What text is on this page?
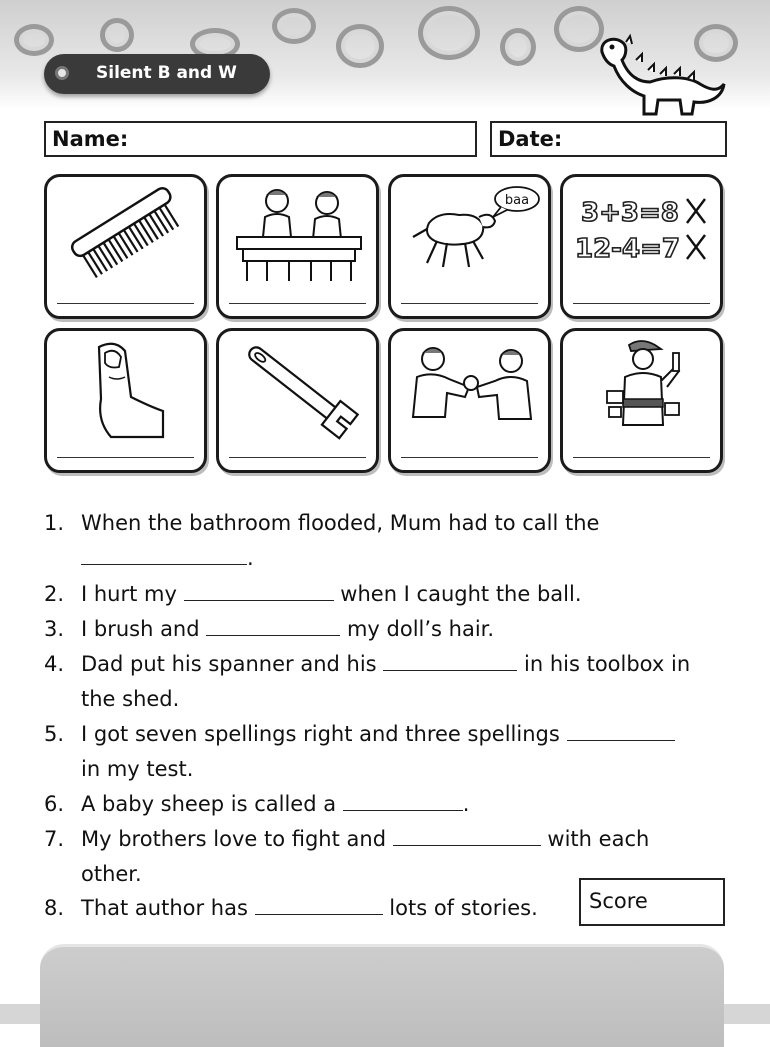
Silent B and W
Name:	Date:
baa 3+3=8
12-4=7
1. When the bathroom flooded, Mum had to call the
.
2. I hurt my	when I caught the ball.
3. I brush and	my doll’s hair.
4. Dad put his spanner and his	in his toolbox in
the shed.
5. I got seven spellings right and three spellings
in my test.
6. A baby sheep is called a	.
7. My brothers love to fight and	with each
other.
8. That author has	lots of stories. Score
